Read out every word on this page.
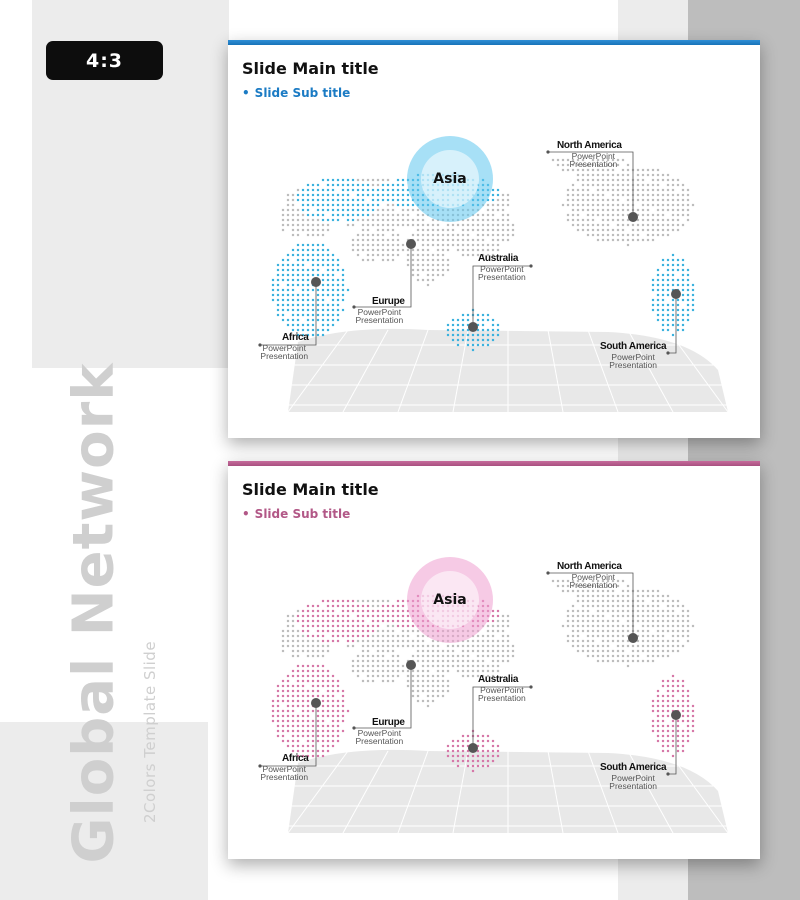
4:3
Global Network 2Colors Template Slide
Slide Main title
• Slide Sub title
Asia
North America
PowerPoint
Presentation
Australia
PowerPoint
Presentation
Eurupe
PowerPoint
Presentation
Africa
PowerPoint
Presentation
South America
PowerPoint
Presentation
Slide Main title
• Slide Sub title
Asia
North America
PowerPoint
Presentation
Australia
PowerPoint
Presentation
Eurupe
PowerPoint
Presentation
Africa
PowerPoint
Presentation
South America
PowerPoint
Presentation
